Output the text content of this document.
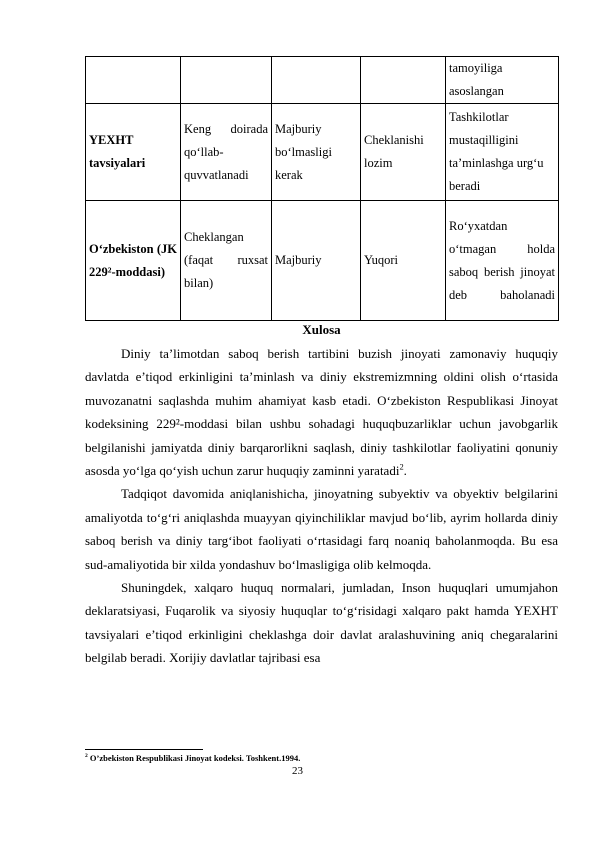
				tamoyiliga asoslangan
YEXHT tavsiyalari	Keng doirada qo‘llab-quvvatlanadi	Majburiy bo‘lmasligi kerak	Cheklanishi lozim	Tashkilotlar mustaqilligini ta’minlashga urg‘u beradi
O‘zbekiston (JK 229²-moddasi)	Cheklangan (faqat ruxsat bilan)	Majburiy	Yuqori	Ro‘yxatdan o‘tmagan holda saboq berish jinoyat deb baholanadi
Xulosa

Diniy ta’limotdan saboq berish tartibini buzish jinoyati zamonaviy huquqiy davlatda e’tiqod erkinligini ta’minlash va diniy ekstremizmning oldini olish o‘rtasida muvozanatni saqlashda muhim ahamiyat kasb etadi. O‘zbekiston Respublikasi Jinoyat kodeksining 229²-moddasi bilan ushbu sohadagi huquqbuzarliklar uchun javobgarlik belgilanishi jamiyatda diniy barqarorlikni saqlash, diniy tashkilotlar faoliyatini qonuniy asosda yo‘lga qo‘yish uchun zarur huquqiy zaminni yaratadi$^2$.

Tadqiqot davomida aniqlanishicha, jinoyatning subyektiv va obyektiv belgilarini amaliyotda to‘g‘ri aniqlashda muayyan qiyinchiliklar mavjud bo‘lib, ayrim hollarda diniy saboq berish va diniy targ‘ibot faoliyati o‘rtasidagi farq noaniq baholanmoqda. Bu esa sud-amaliyotida bir xilda yondashuv bo‘lmasligiga olib kelmoqda.

Shuningdek, xalqaro huquq normalari, jumladan, Inson huquqlari umumjahon deklaratsiyasi, Fuqarolik va siyosiy huquqlar to‘g‘risidagi xalqaro pakt hamda YEXHT tavsiyalari e’tiqod erkinligini cheklashga doir davlat aralashuvining aniq chegaralarini belgilab beradi. Xorijiy davlatlar tajribasi esa

$^2$ O’zbekiston Respublikasi Jinoyat kodeksi. Toshkent.1994.
23
